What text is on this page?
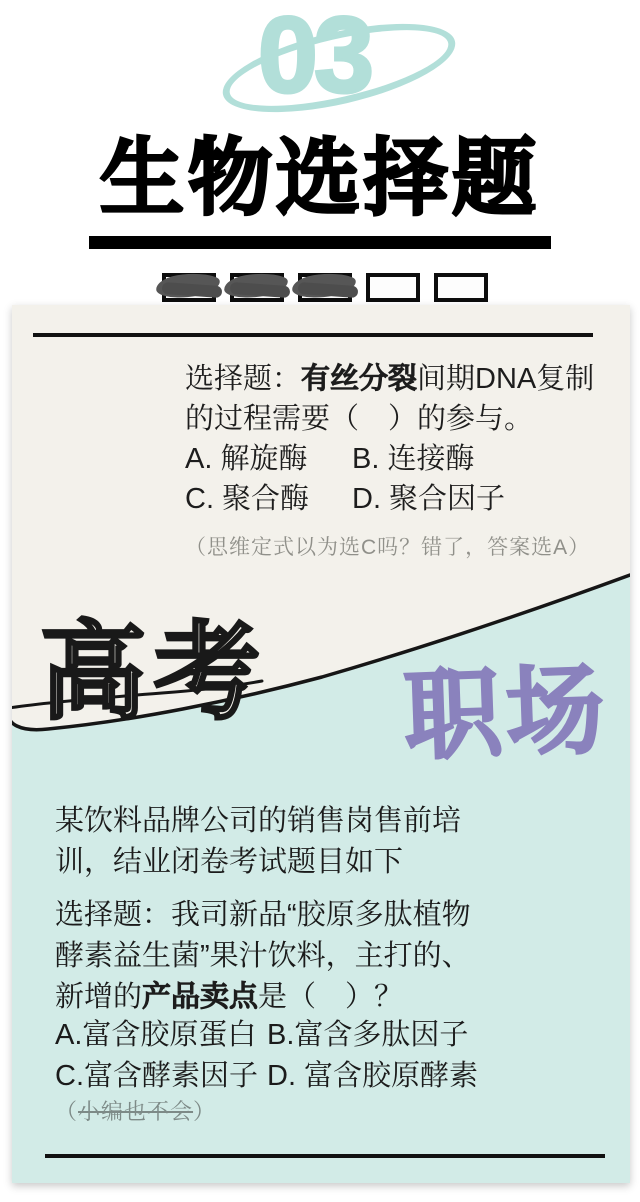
03
生物选择题
高考
选择题：有丝分裂间期DNA复制
的过程需要（　）的参与。
A. 解旋酶 B. 连接酶
C. 聚合酶 D. 聚合因子
（思维定式以为选C吗？错了，答案选A）
职场
某饮料品牌公司的销售岗售前培
训，结业闭卷考试题目如下
选择题：我司新品“胶原多肽植物
酵素益生菌”果汁饮料，主打的、
新增的产品卖点是（　）？
A.富含胶原蛋白 B.富含多肽因子
C.富含酵素因子 D. 富含胶原酵素
（小编也不会）
